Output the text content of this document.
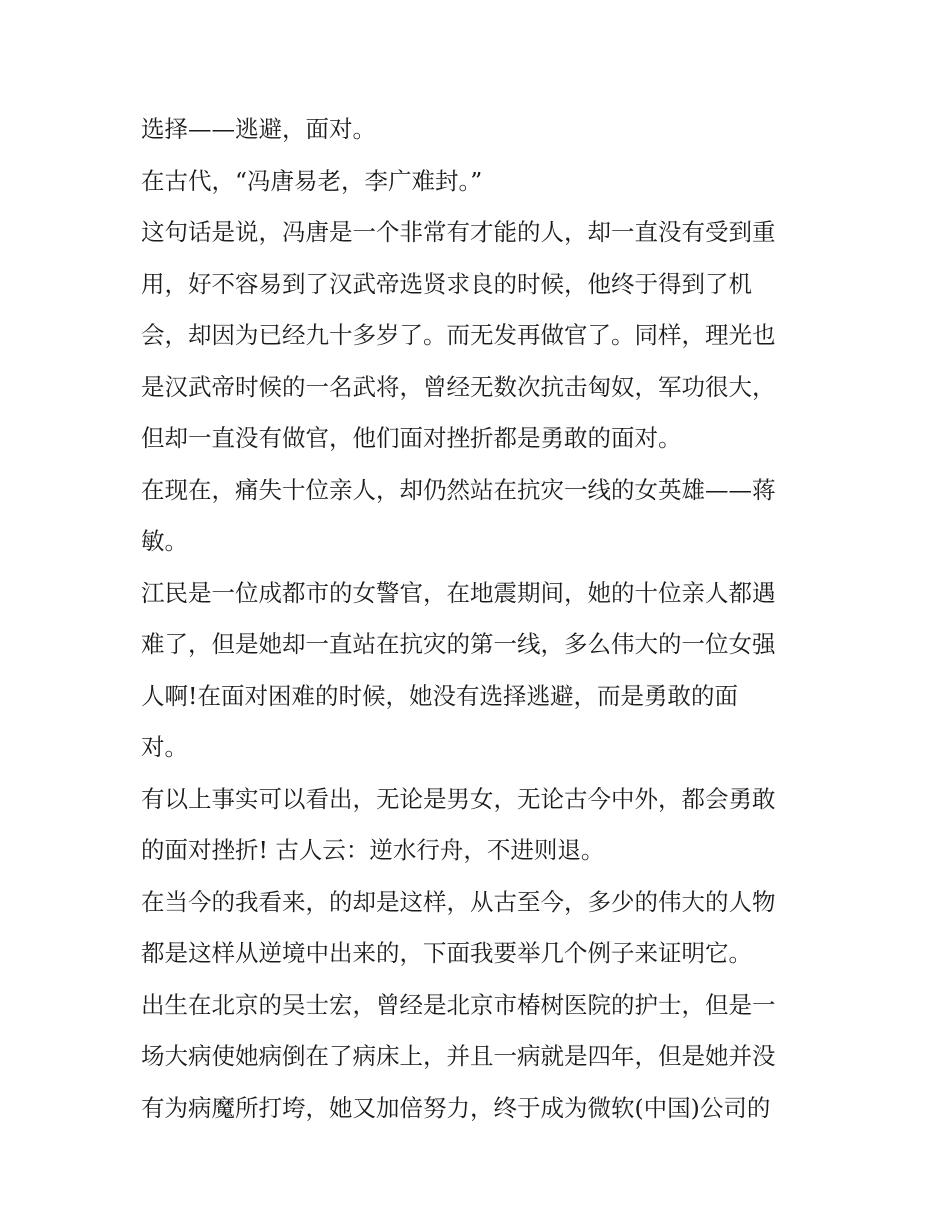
选择——逃避，面对。
在古代，“冯唐易老，李广难封。”
这句话是说，冯唐是一个非常有才能的人，却一直没有受到重
用，好不容易到了汉武帝选贤求良的时候，他终于得到了机
会，却因为已经九十多岁了。而无发再做官了。同样，理光也
是汉武帝时候的一名武将，曾经无数次抗击匈奴，军功很大，
但却一直没有做官，他们面对挫折都是勇敢的面对。
在现在，痛失十位亲人，却仍然站在抗灾一线的女英雄——蒋
敏。
江民是一位成都市的女警官，在地震期间，她的十位亲人都遇
难了，但是她却一直站在抗灾的第一线，多么伟大的一位女强
人啊!在面对困难的时候，她没有选择逃避，而是勇敢的面
对。
有以上事实可以看出，无论是男女，无论古今中外，都会勇敢
的面对挫折! 古人云：逆水行舟，不进则退。
在当今的我看来，的却是这样，从古至今，多少的伟大的人物
都是这样从逆境中出来的，下面我要举几个例子来证明它。
出生在北京的吴士宏，曾经是北京市椿树医院的护士，但是一
场大病使她病倒在了病床上，并且一病就是四年，但是她并没
有为病魔所打垮，她又加倍努力，终于成为微软(中国)公司的
